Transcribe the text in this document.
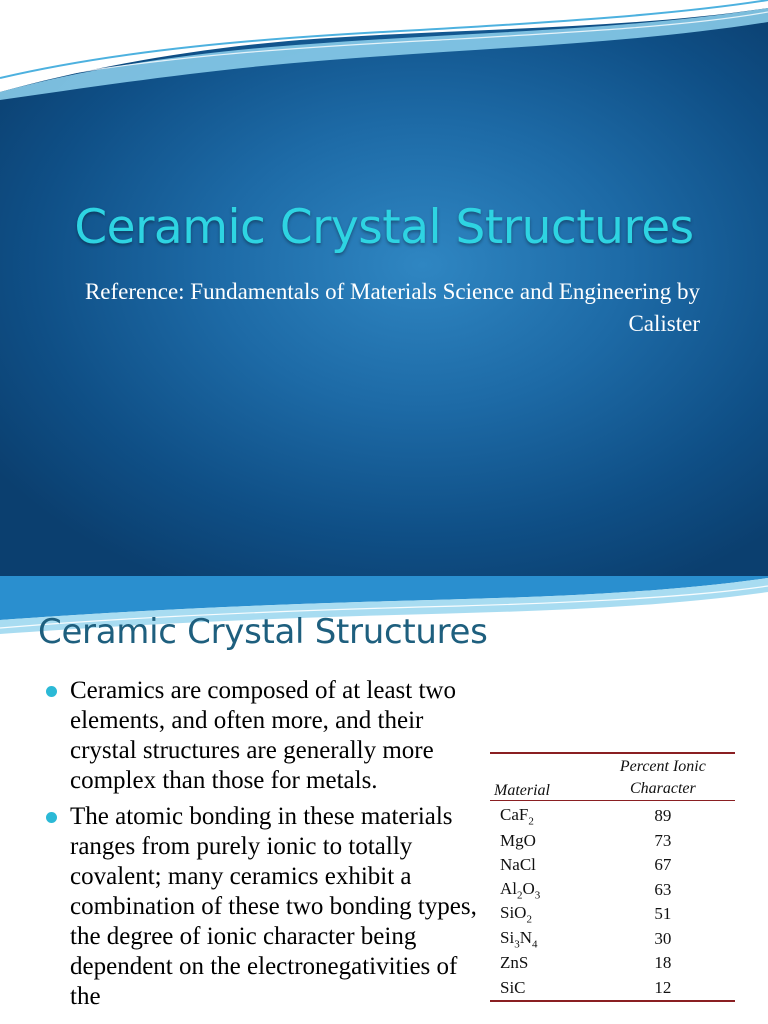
Ceramic Crystal Structures
Reference: Fundamentals of Materials Science and Engineering by Calister
Ceramic Crystal Structures
Ceramics are composed of at least two elements, and often more, and their crystal structures are generally more complex than those for metals.
The atomic bonding in these materials ranges from purely ionic to totally covalent; many ceramics exhibit a combination of these two bonding types, the degree of ionic character being dependent on the electronegativities of the

Material	Percent Ionic
Character

CaF$_2$	89
MgO	73
NaCl	67
$Al_2O_3$	63
SiO$_2$	51
$Si_3N_4$	30
ZnS	18
SiC	12
